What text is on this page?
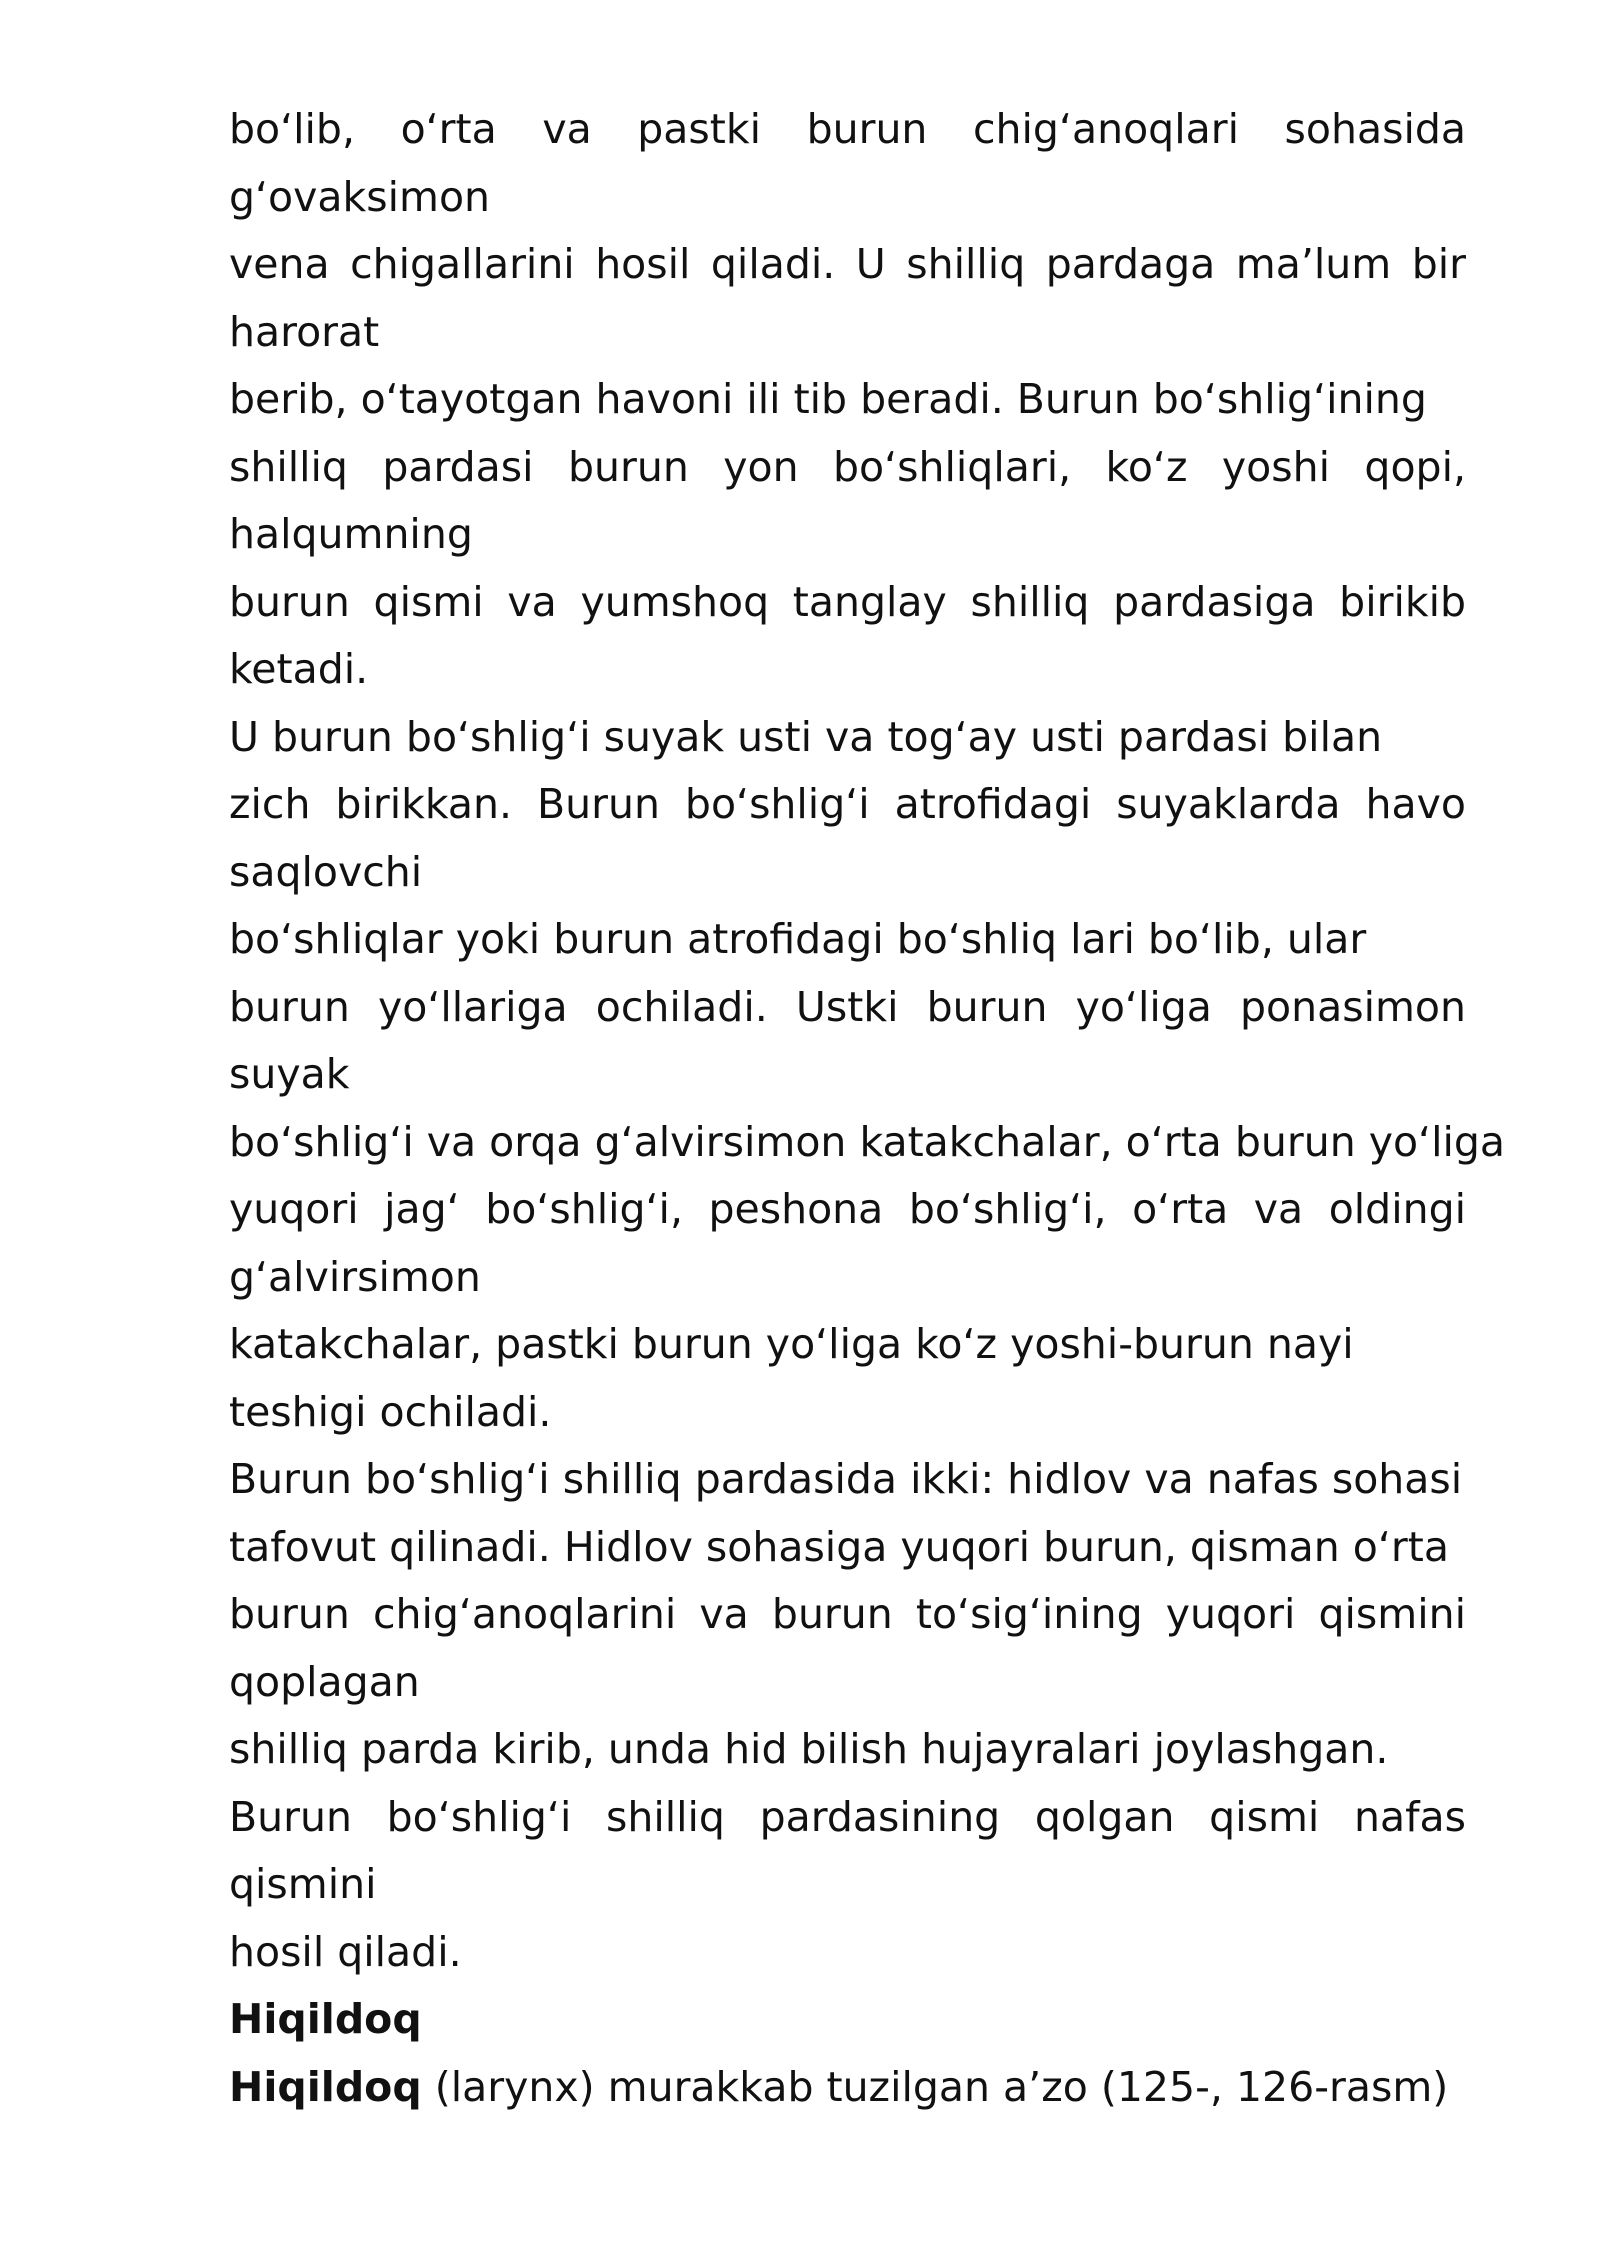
bo‘lib, o‘rta va pastki burun chig‘anoqlari sohasida
g‘ovaksimon
vena chigallarini hosil qiladi. U shilliq pardaga ma’lum bir
harorat
berib, o‘tayotgan havoni ili tib beradi. Burun bo‘shlig‘ining
shilliq pardasi burun yon bo‘shliqlari, ko‘z yoshi qopi,
halqumning
burun qismi va yumshoq tanglay shilliq pardasiga birikib
ketadi.
U burun bo‘shlig‘i suyak usti va tog‘ay usti pardasi bilan
zich birikkan. Burun bo‘shlig‘i atrofidagi suyaklarda havo
saqlovchi
bo‘shliqlar yoki burun atrofidagi bo‘shliq lari bo‘lib, ular
burun yo‘llariga ochiladi. Ustki burun yo‘liga ponasimon
suyak
bo‘shlig‘i va orqa g‘alvirsimon katakchalar, o‘rta burun yo‘liga
yuqori jag‘ bo‘shlig‘i, peshona bo‘shlig‘i, o‘rta va oldingi
g‘alvirsimon
katakchalar, pastki burun yo‘liga ko‘z yoshi-burun nayi
teshigi ochiladi.
Burun bo‘shlig‘i shilliq pardasida ikki: hidlov va nafas sohasi
tafovut qilinadi. Hidlov sohasiga yuqori burun, qisman o‘rta
burun chig‘anoqlarini va burun to‘sig‘ining yuqori qismini
qoplagan
shilliq parda kirib, unda hid bilish hujayralari joylashgan.
Burun bo‘shlig‘i shilliq pardasining qolgan qismi nafas
qismini
hosil qiladi.
Hiqildoq
Hiqildoq (larynx) murakkab tuzilgan a’zo (125-, 126-rasm)
